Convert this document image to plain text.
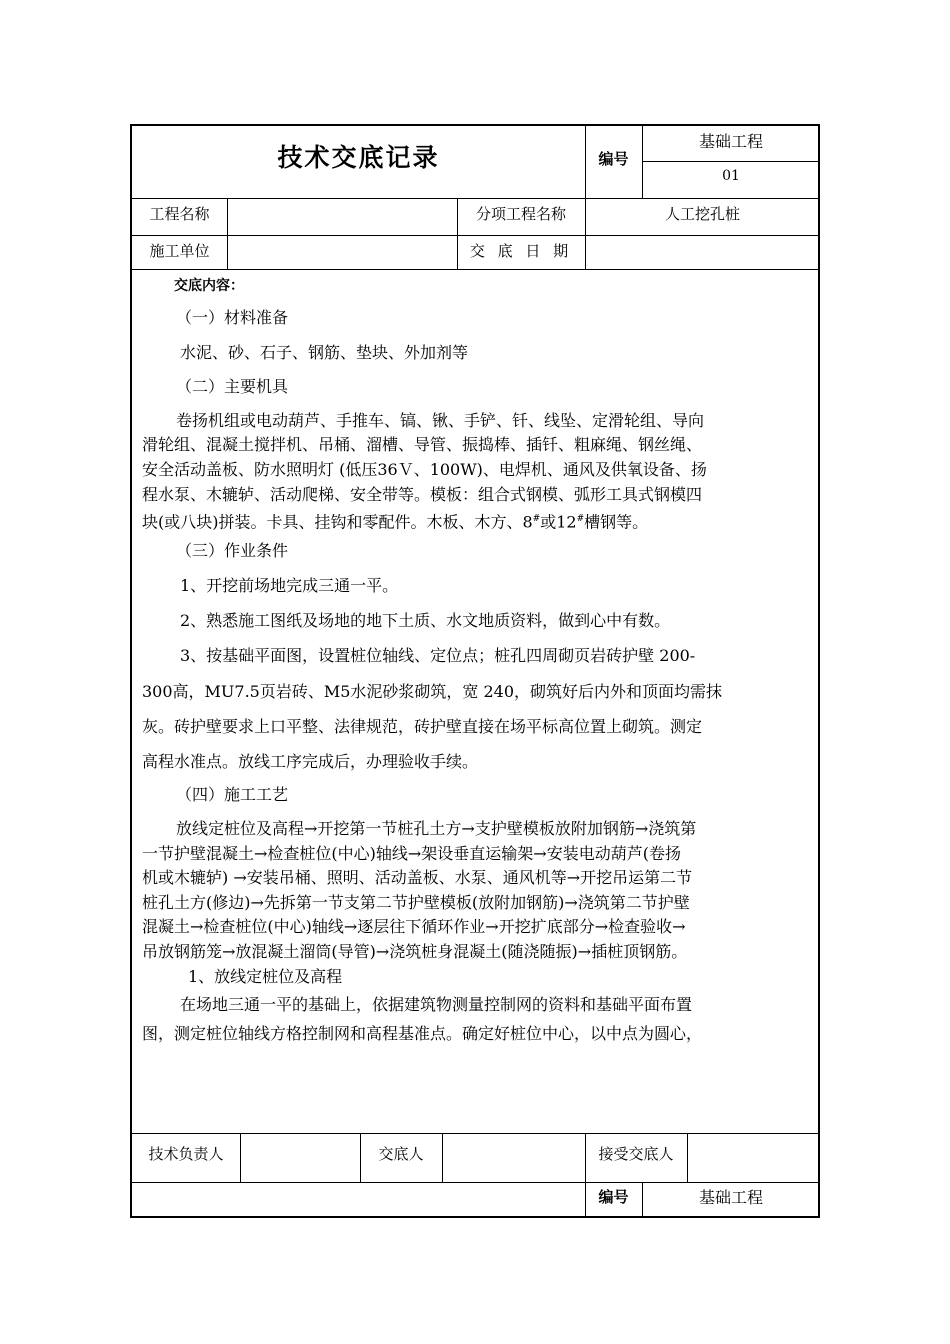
技术交底记录	编号
基础工程
01
工程名称	分项工程名称	人工挖孔桩
施工单位	交 底 日 期
交底内容：
（一）材料准备
水泥、砂、石子、钢筋、垫块、外加剂等
（二）主要机具
卷扬机组或电动葫芦、手推车、镐、锹、手铲、钎、线坠、定滑轮组、导向
滑轮组、混凝土搅拌机、吊桶、溜槽、导管、振捣棒、插钎、粗麻绳、钢丝绳、
安全活动盖板、防水照明灯 (低压36Ｖ、100W)、电焊机、通风及供氧设备、扬
程水泵、木辘轳、活动爬梯、安全带等。模板：组合式钢模、弧形工具式钢模四
块(或八块)拼装。卡具、挂钩和零配件。木板、木方、8#或12#槽钢等。
（三）作业条件
1、开挖前场地完成三通一平。
2、熟悉施工图纸及场地的地下土质、水文地质资料，做到心中有数。
3、按基础平面图，设置桩位轴线、定位点；桩孔四周砌页岩砖护壁 200-
300高，MU7.5页岩砖、M5水泥砂浆砌筑，宽 240，砌筑好后内外和顶面均需抹
灰。砖护壁要求上口平整、法律规范，砖护壁直接在场平标高位置上砌筑。测定
高程水准点。放线工序完成后，办理验收手续。
（四）施工工艺
放线定桩位及高程→开挖第一节桩孔土方→支护壁模板放附加钢筋→浇筑第
一节护壁混凝土→检查桩位(中心)轴线→架设垂直运输架→安装电动葫芦(卷扬
机或木辘轳) →安装吊桶、照明、活动盖板、水泵、通风机等→开挖吊运第二节
桩孔土方(修边)→先拆第一节支第二节护壁模板(放附加钢筋)→浇筑第二节护壁
混凝土→检查桩位(中心)轴线→逐层往下循环作业→开挖扩底部分→检查验收→
吊放钢筋笼→放混凝土溜筒(导管)→浇筑桩身混凝土(随浇随振)→插桩顶钢筋。
1、放线定桩位及高程
在场地三通一平的基础上，依据建筑物测量控制网的资料和基础平面布置
图，测定桩位轴线方格控制网和高程基准点。确定好桩位中心，以中点为圆心，
技术负责人	交底人	接受交底人
编号	基础工程
